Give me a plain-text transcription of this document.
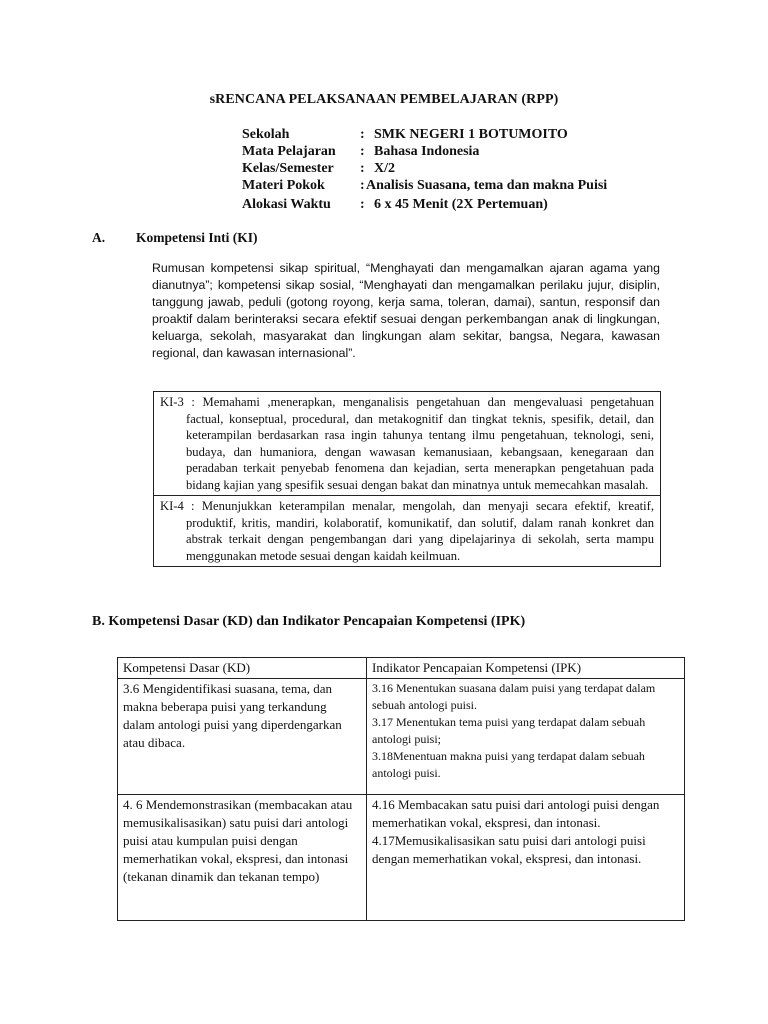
sRENCANA PELAKSANAAN PEMBELAJARAN (RPP)
Sekolah	: SMK NEGERI 1 BOTUMOITO
Mata Pelajaran : Bahasa Indonesia
Kelas/Semester : X/2
Materi Pokok	:Analisis Suasana, tema dan makna Puisi
Alokasi Waktu : 6 x 45 Menit (2X Pertemuan)
A. Kompetensi Inti (KI)
Rumusan kompetensi sikap spiritual, “Menghayati dan mengamalkan ajaran agama yang dianutnya”; kompetensi sikap sosial, “Menghayati dan mengamalkan perilaku jujur, disiplin, tanggung jawab, peduli (gotong royong, kerja sama, toleran, damai), santun, responsif dan proaktif dalam berinteraksi secara efektif sesuai dengan perkembangan anak di lingkungan, keluarga, sekolah, masyarakat dan lingkungan alam sekitar, bangsa, Negara, kawasan regional, dan kawasan internasional”.
KI-3 : Memahami ,menerapkan, menganalisis pengetahuan dan mengevaluasi pengetahuan factual, konseptual, procedural, dan metakognitif dan tingkat teknis, spesifik, detail, dan keterampilan berdasarkan rasa ingin tahunya tentang ilmu pengetahuan, teknologi, seni, budaya, dan humaniora, dengan wawasan kemanusiaan, kebangsaan, kenegaraan dan peradaban terkait penyebab fenomena dan kejadian, serta menerapkan pengetahuan pada bidang kajian yang spesifik sesuai dengan bakat dan minatnya untuk memecahkan masalah.
KI-4 : Menunjukkan keterampilan menalar, mengolah, dan menyaji secara efektif, kreatif, produktif, kritis, mandiri, kolaboratif, komunikatif, dan solutif, dalam ranah konkret dan abstrak terkait dengan pengembangan dari yang dipelajarinya di sekolah, serta mampu menggunakan metode sesuai dengan kaidah keilmuan.
B. Kompetensi Dasar (KD) dan Indikator Pencapaian Kompetensi (IPK)
Kompetensi Dasar (KD)	Indikator Pencapaian Kompetensi (IPK)
3.6 Mengidentifikasi suasana, tema, dan makna beberapa puisi yang terkandung dalam antologi puisi yang diperdengarkan atau dibaca.	3.16 Menentukan suasana dalam puisi yang terdapat dalam sebuah antologi puisi.
3.17 Menentukan tema puisi yang terdapat dalam sebuah antologi puisi;
3.18Menentuan makna puisi yang terdapat dalam sebuah antologi puisi.

4. 6 Mendemonstrasikan (membacakan atau memusikalisasikan) satu puisi dari antologi puisi atau kumpulan puisi dengan memerhatikan vokal, ekspresi, dan intonasi (tekanan dinamik dan tekanan tempo)	4.16 Membacakan satu puisi dari antologi puisi dengan memerhatikan vokal, ekspresi, dan intonasi.
4.17Memusikalisasikan satu puisi dari antologi puisi dengan memerhatikan vokal, ekspresi, dan intonasi.
